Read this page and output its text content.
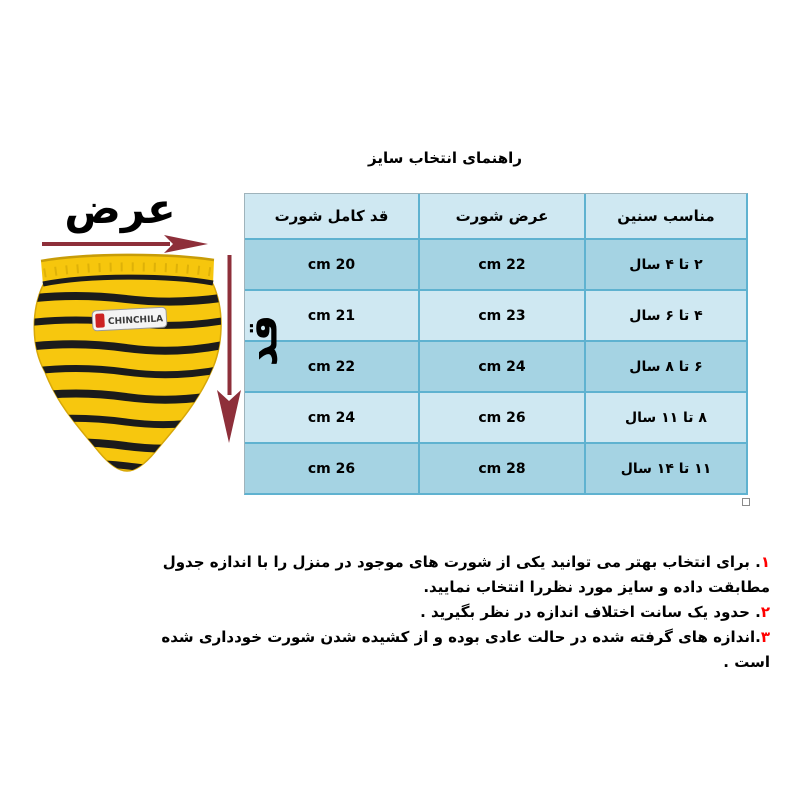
راهنمای انتخاب سایز
عرض
CHINCHILA قد
مناسب سنین	عرض شورت	قد کامل شورت
۲ تا ۴ سال	22 cm	20 cm
۴ تا ۶ سال	23 cm	21 cm
۶ تا ۸ سال	24 cm	22 cm
۸ تا ۱۱ سال	26 cm	24 cm
۱۱ تا ۱۴ سال	28 cm	26 cm
۱. برای انتخاب بهتر می توانید یکی از شورت های موجود در منزل را با اندازه جدول مطابقت داده و سایز مورد نظررا انتخاب نمایید.
۲. حدود یک سانت اختلاف اندازه در نظر بگیرید .
۳.اندازه های گرفته شده در حالت عادی بوده و از کشیده شدن شورت خودداری شده است .
